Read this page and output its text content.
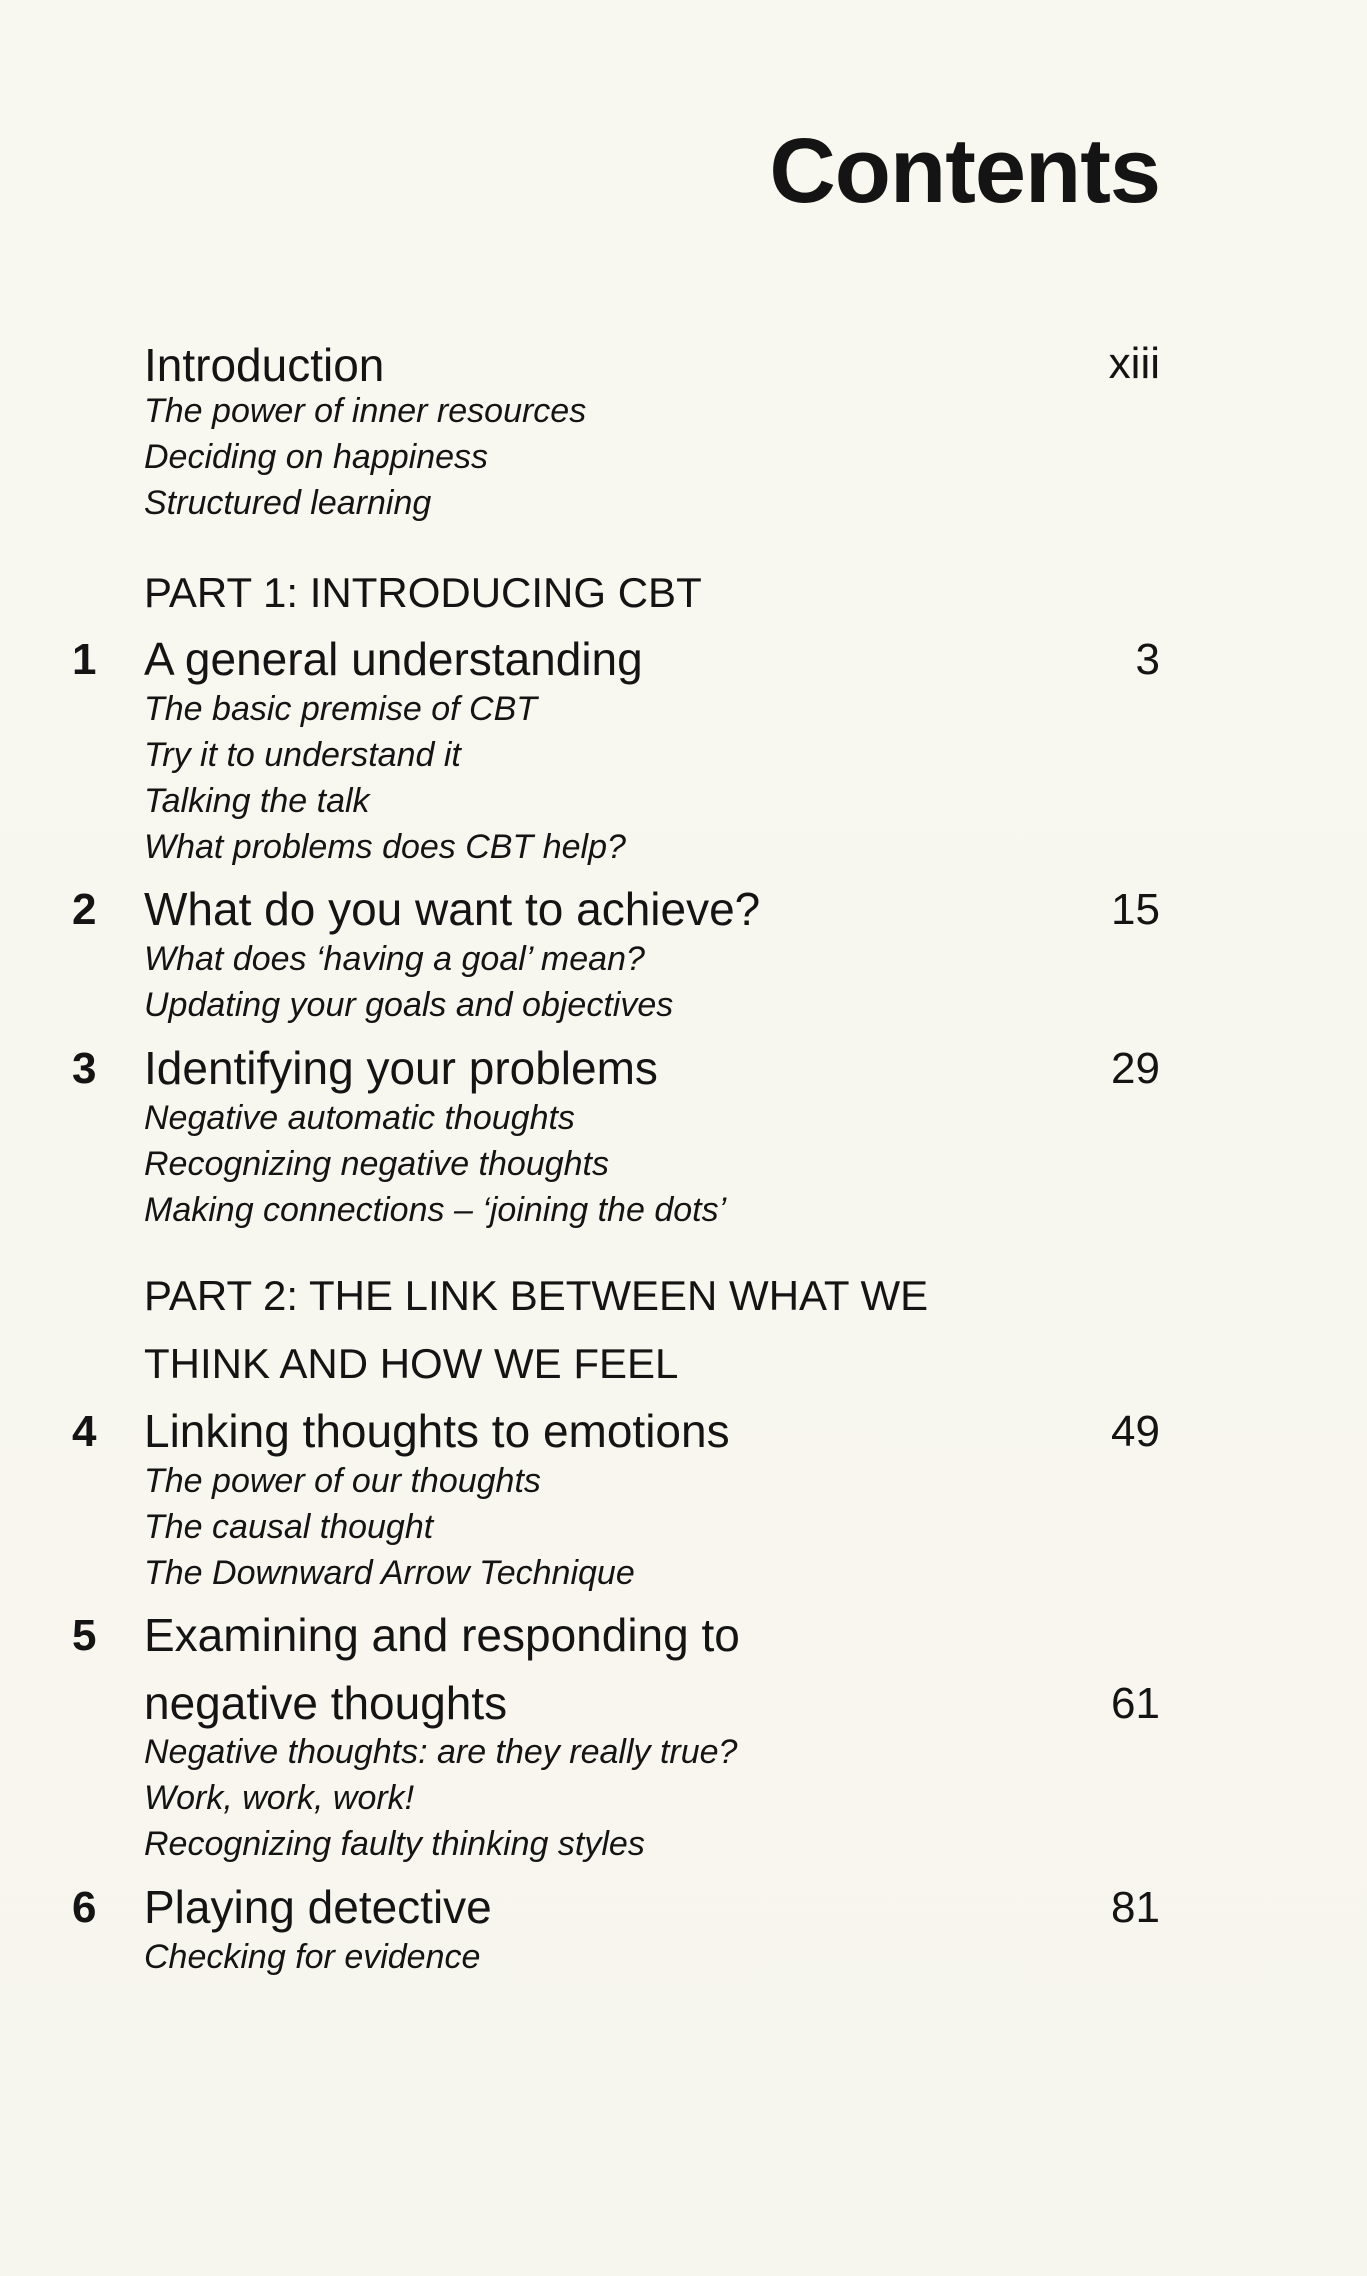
Contents
Introduction	xiii
The power of inner resources
Deciding on happiness
Structured learning
PART 1: INTRODUCING CBT
1 A general understanding	3
The basic premise of CBT
Try it to understand it
Talking the talk
What problems does CBT help?
2 What do you want to achieve?	15
What does ‘having a goal’ mean?
Updating your goals and objectives
3 Identifying your problems	29
Negative automatic thoughts
Recognizing negative thoughts
Making connections – ‘joining the dots’
PART 2: THE LINK BETWEEN WHAT WE
THINK AND HOW WE FEEL
4 Linking thoughts to emotions	49
The power of our thoughts
The causal thought
The Downward Arrow Technique
5 Examining and responding to
negative thoughts	61
Negative thoughts: are they really true?
Work, work, work!
Recognizing faulty thinking styles
6 Playing detective	81
Checking for evidence
